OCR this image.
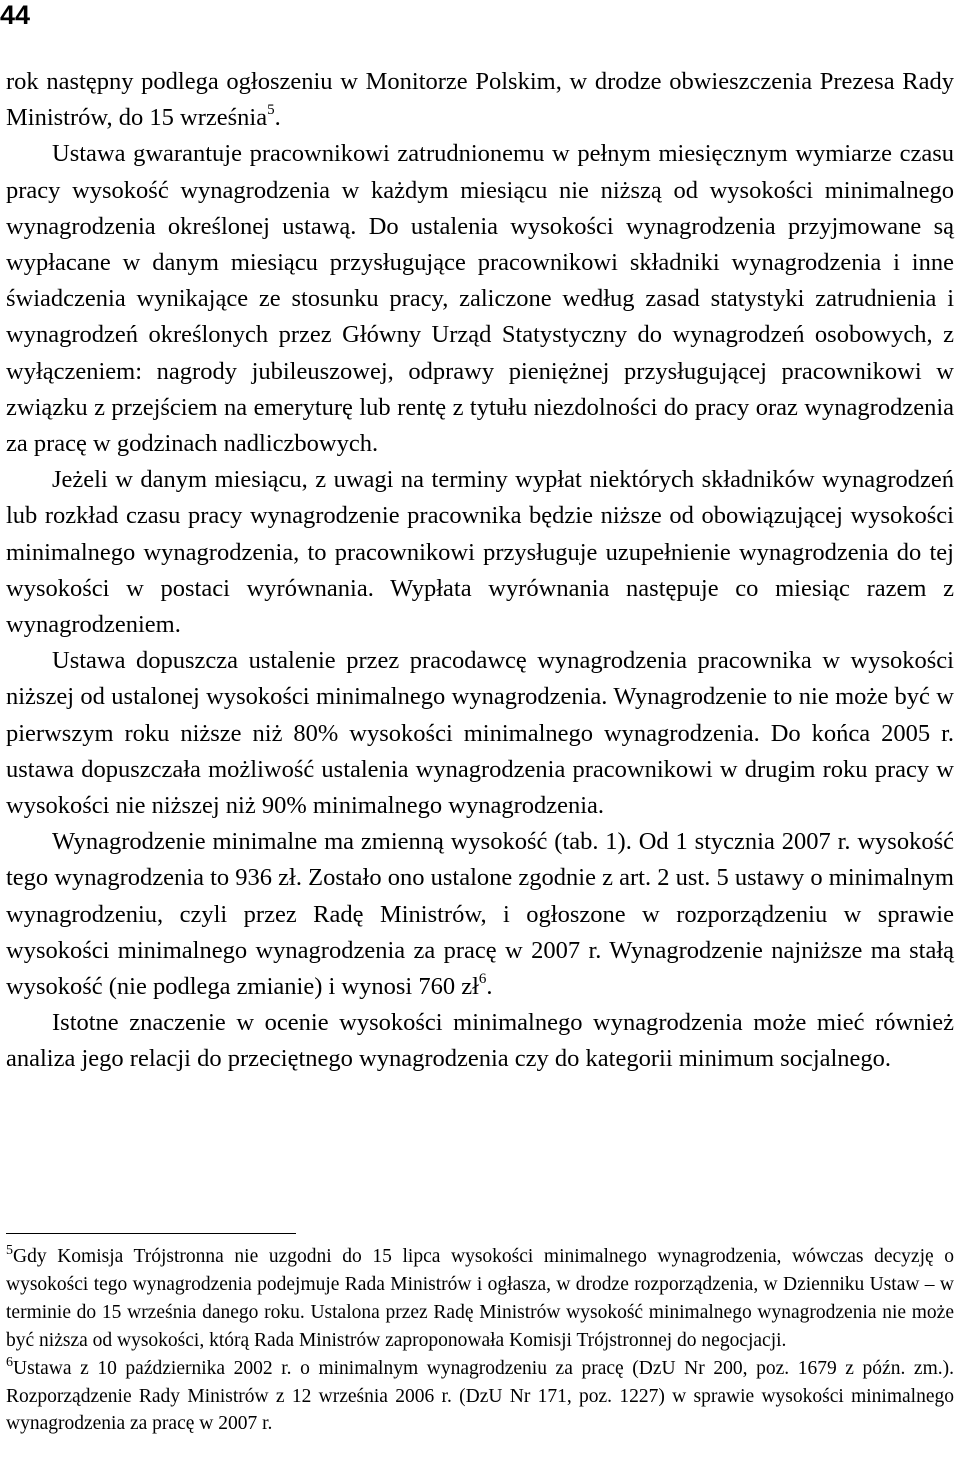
44

rok następny podlega ogłoszeniu w Monitorze Polskim, w drodze obwieszczenia Prezesa Rady Ministrów, do 15 września$^5$.

Ustawa gwarantuje pracownikowi zatrudnionemu w pełnym miesięcznym wymiarze czasu pracy wysokość wynagrodzenia w każdym miesiącu nie niższą od wysokości minimalnego wynagrodzenia określonej ustawą. Do ustalenia wysokości wynagrodzenia przyjmowane są wypłacane w danym miesiącu przysługujące pracownikowi składniki wynagrodzenia i inne świadczenia wynikające ze stosunku pracy, zaliczone według zasad statystyki zatrudnienia i wynagrodzeń określonych przez Główny Urząd Statystyczny do wynagrodzeń osobowych, z wyłączeniem: nagrody jubileuszowej, odprawy pieniężnej przysługującej pracownikowi w związku z przejściem na emeryturę lub rentę z tytułu niezdolności do pracy oraz wynagrodzenia za pracę w godzinach nadliczbowych.

Jeżeli w danym miesiącu, z uwagi na terminy wypłat niektórych składników wynagrodzeń lub rozkład czasu pracy wynagrodzenie pracownika będzie niższe od obowiązującej wysokości minimalnego wynagrodzenia, to pracownikowi przysługuje uzupełnienie wynagrodzenia do tej wysokości w postaci wyrównania. Wypłata wyrównania następuje co miesiąc razem z wynagrodzeniem.

Ustawa dopuszcza ustalenie przez pracodawcę wynagrodzenia pracownika w wysokości niższej od ustalonej wysokości minimalnego wynagrodzenia. Wynagrodzenie to nie może być w pierwszym roku niższe niż 80% wysokości minimalnego wynagrodzenia. Do końca 2005 r. ustawa dopuszczała możliwość ustalenia wynagrodzenia pracownikowi w drugim roku pracy w wysokości nie niższej niż 90% minimalnego wynagrodzenia.

Wynagrodzenie minimalne ma zmienną wysokość (tab. 1). Od 1 stycznia 2007 r. wysokość tego wynagrodzenia to 936 zł. Zostało ono ustalone zgodnie z art. 2 ust. 5 ustawy o minimalnym wynagrodzeniu, czyli przez Radę Ministrów, i ogłoszone w rozporządzeniu w sprawie wysokości minimalnego wynagrodzenia za pracę w 2007 r. Wynagrodzenie najniższe ma stałą wysokość (nie podlega zmianie) i wynosi 760 $zł^6$.

Istotne znaczenie w ocenie wysokości minimalnego wynagrodzenia może mieć również analiza jego relacji do przeciętnego wynagrodzenia czy do kategorii minimum socjalnego.

$^5$Gdy Komisja Trójstronna nie uzgodni do 15 lipca wysokości minimalnego wynagrodzenia, wówczas decyzję o wysokości tego wynagrodzenia podejmuje Rada Ministrów i ogłasza, w drodze rozporządzenia, w Dzienniku Ustaw – w terminie do 15 września danego roku. Ustalona przez Radę Ministrów wysokość minimalnego wynagrodzenia nie może być niższa od wysokości, którą Rada Ministrów zaproponowała Komisji Trójstronnej do negocjacji.

$^6$Ustawa z 10 października 2002 r. o minimalnym wynagrodzeniu za pracę (DzU Nr 200, poz. 1679 z późn. zm.). Rozporządzenie Rady Ministrów z 12 września 2006 r. (DzU Nr 171, poz. 1227) w sprawie wysokości minimalnego wynagrodzenia za pracę w 2007 r.
